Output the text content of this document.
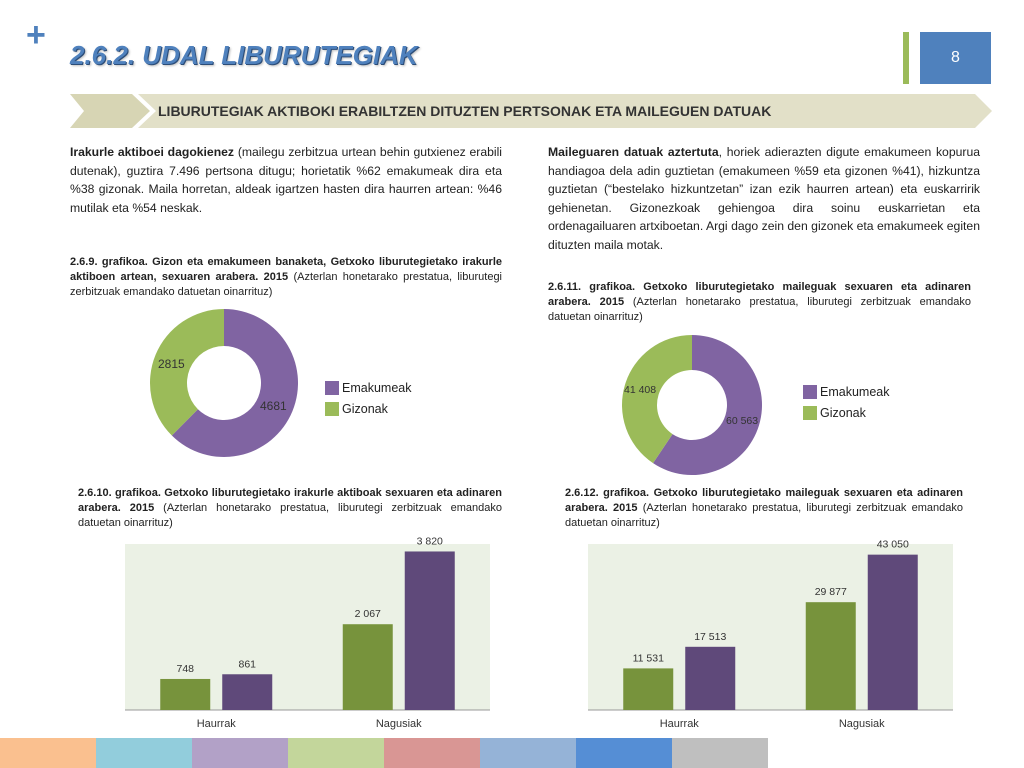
+
2.6.2. UDAL LIBURUTEGIAK	8
LIBURUTEGIAK AKTIBOKI ERABILTZEN DITUZTEN PERTSONAK ETA MAILEGUEN DATUAK

Irakurle aktiboei dagokienez (mailegu zerbitzua urtean behin gutxienez erabili dutenak), guztira 7.496 pertsona ditugu; horietatik %62 emakumeak dira eta %38 gizonak. Maila horretan, aldeak igartzen hasten dira haurren artean: %46 mutilak eta %54 neskak.

Maileguaren datuak aztertuta, horiek adierazten digute emakumeen kopurua handiagoa dela adin guztietan (emakumeen %59 eta gizonen %41), hizkuntza guztietan (“bestelako hizkuntzetan” izan ezik haurren artean) eta euskarririk gehienetan. Gizonezkoak gehiengoa dira soinu euskarrietan eta ordenagailuaren artxiboetan. Argi dago zein den gizonek eta emakumeek egiten dituzten maila motak.

2.6.9. grafikoa. Gizon eta emakumeen banaketa, Getxoko liburutegietako irakurle aktiboen artean, sexuaren arabera. 2015 (Azterlan honetarako prestatua, liburutegi zerbitzuak emandako datuetan oinarrituz)	2.6.11. grafikoa. Getxoko liburutegietako maileguak sexuaren eta adinaren arabera. 2015 (Azterlan honetarako prestatua, liburutegi zerbitzuak emandako datuetan oinarrituz)

2.6.10. grafikoa. Getxoko liburutegietako irakurle aktiboak sexuaren eta adinaren arabera. 2015 (Azterlan honetarako prestatua, liburutegi zerbitzuak emandako datuetan oinarrituz)

2.6.12. grafikoa. Getxoko liburutegietako maileguak sexuaren eta adinaren arabera. 2015 (Azterlan honetarako prestatua, liburutegi zerbitzuak emandako datuetan oinarrituz)

4681
2815
60 563
41 408
Emakumeak
Gizonak
Emakumeak
Gizonak
748	861
Haurrak
2 067
3 820
Nagusiak
11 531
17 513
Haurrak
29 877
43 050
Nagusiak
